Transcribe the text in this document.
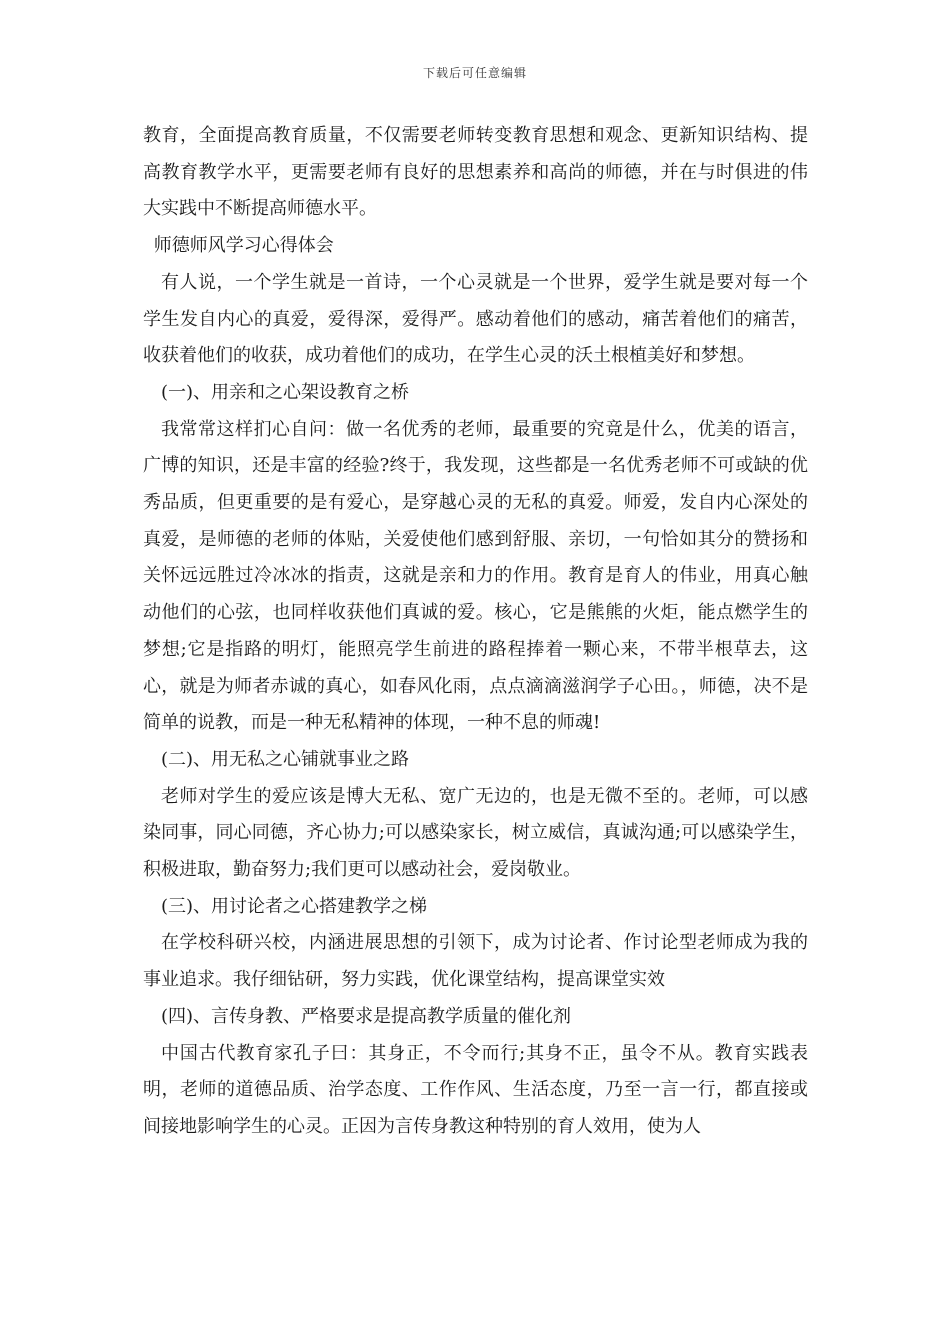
下载后可任意编辑

教育，全面提高教育质量，不仅需要老师转变教育思想和观念、更新知识结构、提高教育教学水平，更需要老师有良好的思想素养和高尚的师德，并在与时俱进的伟大实践中不断提高师德水平。

师德师风学习心得体会

有人说，一个学生就是一首诗，一个心灵就是一个世界，爱学生就是要对每一个学生发自内心的真爱，爱得深，爱得严。感动着他们的感动，痛苦着他们的痛苦，收获着他们的收获，成功着他们的成功，在学生心灵的沃土根植美好和梦想。

(一)、用亲和之心架设教育之桥

我常常这样扪心自问：做一名优秀的老师，最重要的究竟是什么，优美的语言，广博的知识，还是丰富的经验?终于，我发现，这些都是一名优秀老师不可或缺的优秀品质，但更重要的是有爱心，是穿越心灵的无私的真爱。师爱，发自内心深处的真爱，是师德的老师的体贴，关爱使他们感到舒服、亲切，一句恰如其分的赞扬和关怀远远胜过冷冰冰的指责，这就是亲和力的作用。教育是育人的伟业，用真心触动他们的心弦，也同样收获他们真诚的爱。核心，它是熊熊的火炬，能点燃学生的梦想;它是指路的明灯，能照亮学生前进的路程捧着一颗心来，不带半根草去，这心，就是为师者赤诚的真心，如春风化雨，点点滴滴滋润学子心田。，师德，决不是简单的说教，而是一种无私精神的体现，一种不息的师魂!

(二)、用无私之心铺就事业之路

老师对学生的爱应该是博大无私、宽广无边的，也是无微不至的。老师，可以感染同事，同心同德，齐心协力;可以感染家长，树立威信，真诚沟通;可以感染学生，积极进取，勤奋努力;我们更可以感动社会，爱岗敬业。

(三)、用讨论者之心搭建教学之梯

在学校科研兴校，内涵进展思想的引领下，成为讨论者、作讨论型老师成为我的事业追求。我仔细钻研，努力实践，优化课堂结构，提高课堂实效

(四)、言传身教、严格要求是提高教学质量的催化剂

中国古代教育家孔子曰：其身正，不令而行;其身不正，虽令不从。教育实践表明，老师的道德品质、治学态度、工作作风、生活态度，乃至一言一行，都直接或间接地影响学生的心灵。正因为言传身教这种特别的育人效用，使为人
